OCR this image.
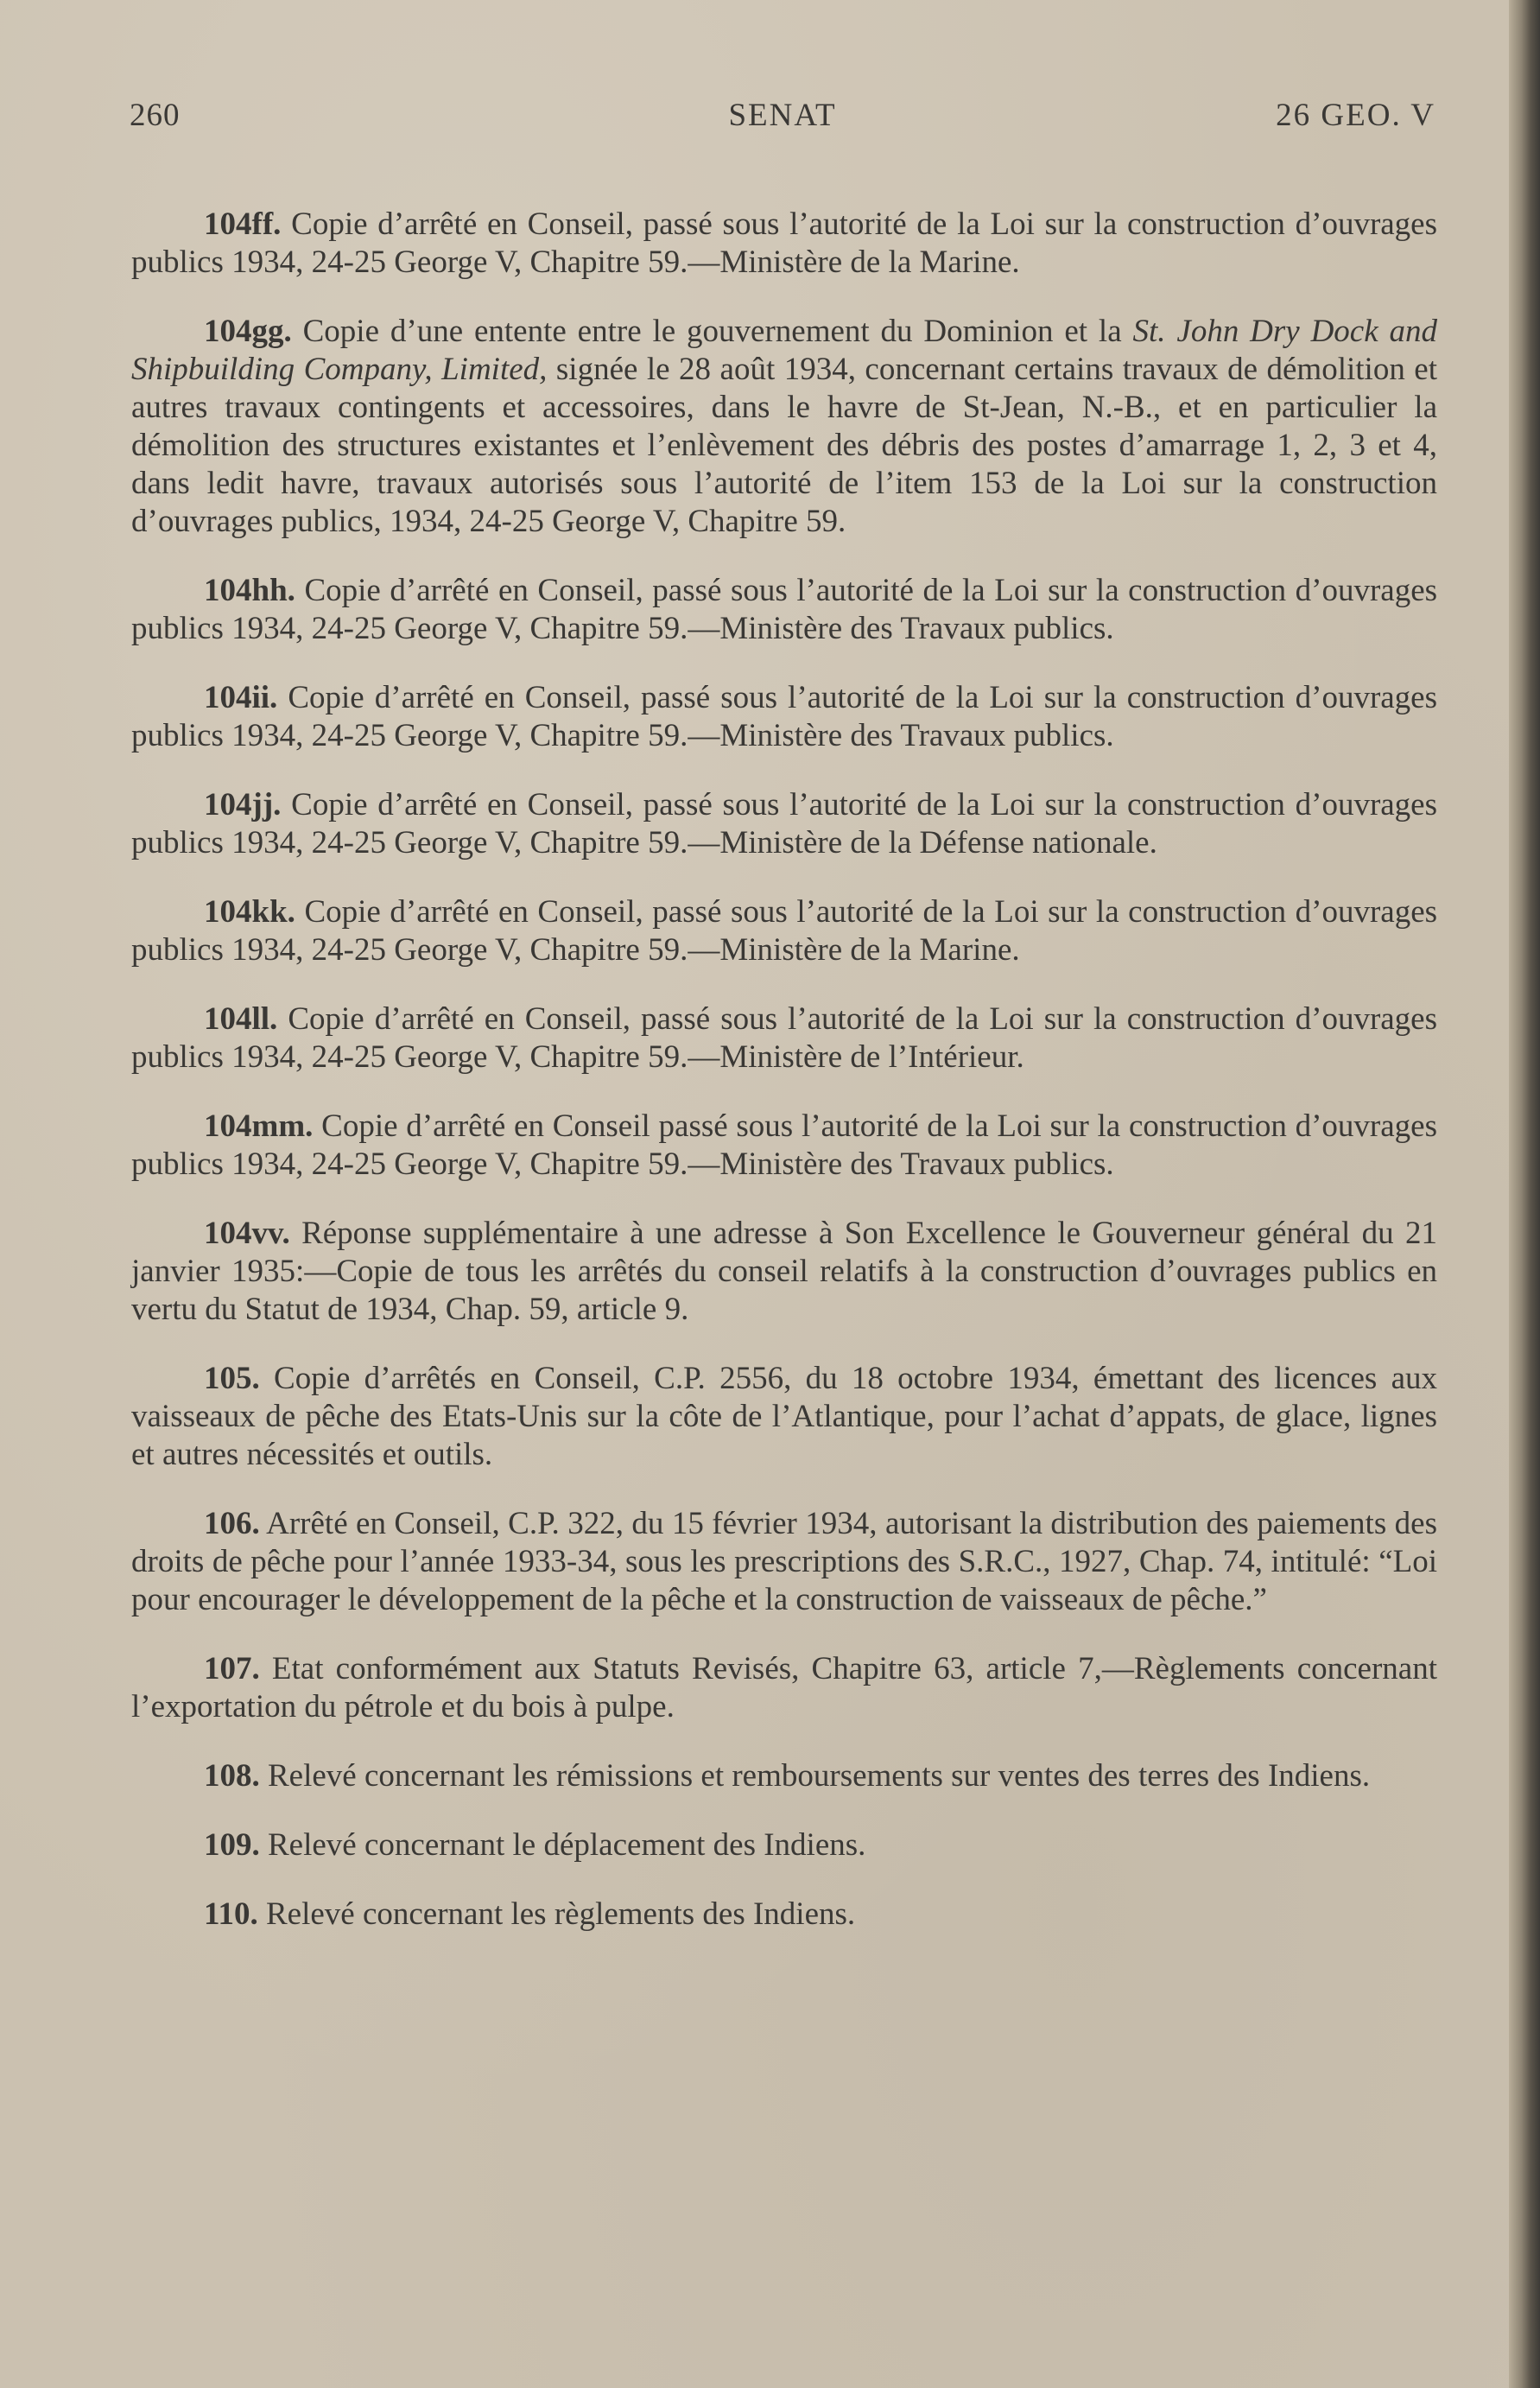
260	SENAT	26 GEO. V

104ff. Copie d’arrêté en Conseil, passé sous l’autorité de la Loi sur la construction d’ouvrages publics 1934, 24-25 George V, Chapitre 59.—Ministère de la Marine.

104gg. Copie d’une entente entre le gouvernement du Dominion et la St. John Dry Dock and Shipbuilding Company, Limited, signée le 28 août 1934, concernant certains travaux de démolition et autres travaux contingents et accessoires, dans le havre de St-Jean, N.-B., et en particulier la démolition des structures existantes et l’enlèvement des débris des postes d’amarrage 1, 2, 3 et 4, dans ledit havre, travaux autorisés sous l’autorité de l’item 153 de la Loi sur la construction d’ouvrages publics, 1934, 24-25 George V, Chapitre 59.

104hh. Copie d’arrêté en Conseil, passé sous l’autorité de la Loi sur la construction d’ouvrages publics 1934, 24-25 George V, Chapitre 59.—Ministère des Travaux publics.

104ii. Copie d’arrêté en Conseil, passé sous l’autorité de la Loi sur la construction d’ouvrages publics 1934, 24-25 George V, Chapitre 59.—Ministère des Travaux publics.

104jj. Copie d’arrêté en Conseil, passé sous l’autorité de la Loi sur la construction d’ouvrages publics 1934, 24-25 George V, Chapitre 59.—Ministère de la Défense nationale.

104kk. Copie d’arrêté en Conseil, passé sous l’autorité de la Loi sur la construction d’ouvrages publics 1934, 24-25 George V, Chapitre 59.—Ministère de la Marine.

104ll. Copie d’arrêté en Conseil, passé sous l’autorité de la Loi sur la construction d’ouvrages publics 1934, 24-25 George V, Chapitre 59.—Ministère de l’Intérieur.

104mm. Copie d’arrêté en Conseil passé sous l’autorité de la Loi sur la construction d’ouvrages publics 1934, 24-25 George V, Chapitre 59.—Ministère des Travaux publics.

104vv. Réponse supplémentaire à une adresse à Son Excellence le Gouverneur général du 21 janvier 1935:—Copie de tous les arrêtés du conseil relatifs à la construction d’ouvrages publics en vertu du Statut de 1934, Chap. 59, article 9.

105. Copie d’arrêtés en Conseil, C.P. 2556, du 18 octobre 1934, émettant des licences aux vaisseaux de pêche des Etats-Unis sur la côte de l’Atlantique, pour l’achat d’appats, de glace, lignes et autres nécessités et outils.

106. Arrêté en Conseil, C.P. 322, du 15 février 1934, autorisant la distribution des paiements des droits de pêche pour l’année 1933-34, sous les prescriptions des S.R.C., 1927, Chap. 74, intitulé: “Loi pour encourager le développement de la pêche et la construction de vaisseaux de pêche.”

107. Etat conformément aux Statuts Revisés, Chapitre 63, article 7,—Règlements concernant l’exportation du pétrole et du bois à pulpe.

108. Relevé concernant les rémissions et remboursements sur ventes des terres des Indiens.

109. Relevé concernant le déplacement des Indiens.

110. Relevé concernant les règlements des Indiens.
